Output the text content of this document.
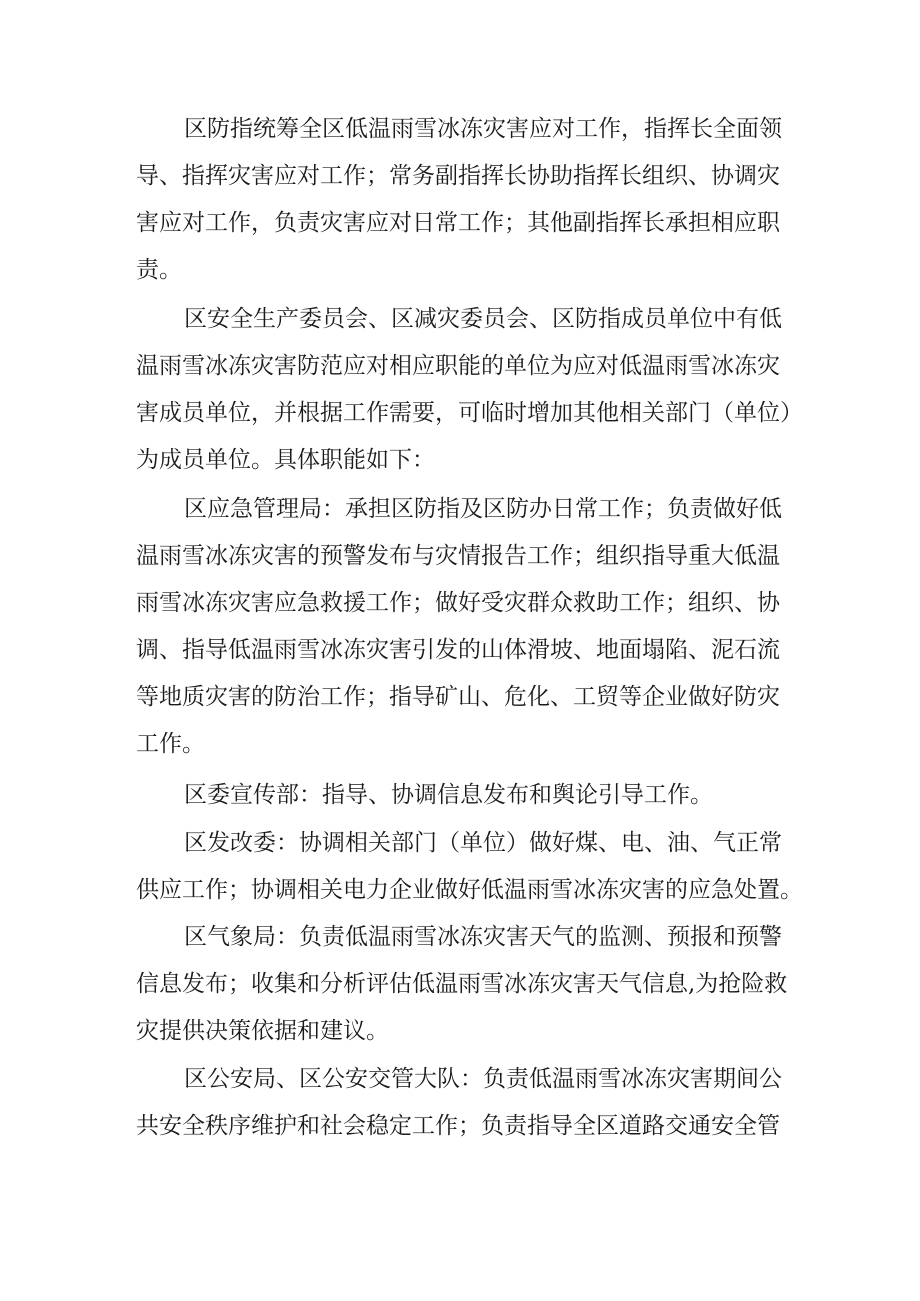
区防指统筹全区低温雨雪冰冻灾害应对工作，指挥长全面领
导、指挥灾害应对工作；常务副指挥长协助指挥长组织、协调灾
害应对工作，负责灾害应对日常工作；其他副指挥长承担相应职
责。
区安全生产委员会、区减灾委员会、区防指成员单位中有低
温雨雪冰冻灾害防范应对相应职能的单位为应对低温雨雪冰冻灾
害成员单位，并根据工作需要，可临时增加其他相关部门（单位）
为成员单位。具体职能如下：
区应急管理局：承担区防指及区防办日常工作；负责做好低
温雨雪冰冻灾害的预警发布与灾情报告工作；组织指导重大低温
雨雪冰冻灾害应急救援工作；做好受灾群众救助工作；组织、协
调、指导低温雨雪冰冻灾害引发的山体滑坡、地面塌陷、泥石流
等地质灾害的防治工作；指导矿山、危化、工贸等企业做好防灾
工作。
区委宣传部：指导、协调信息发布和舆论引导工作。
区发改委：协调相关部门（单位）做好煤、电、油、气正常
供应工作；协调相关电力企业做好低温雨雪冰冻灾害的应急处置。
区气象局：负责低温雨雪冰冻灾害天气的监测、预报和预警
信息发布；收集和分析评估低温雨雪冰冻灾害天气信息,为抢险救
灾提供决策依据和建议。
区公安局、区公安交管大队：负责低温雨雪冰冻灾害期间公
共安全秩序维护和社会稳定工作；负责指导全区道路交通安全管
